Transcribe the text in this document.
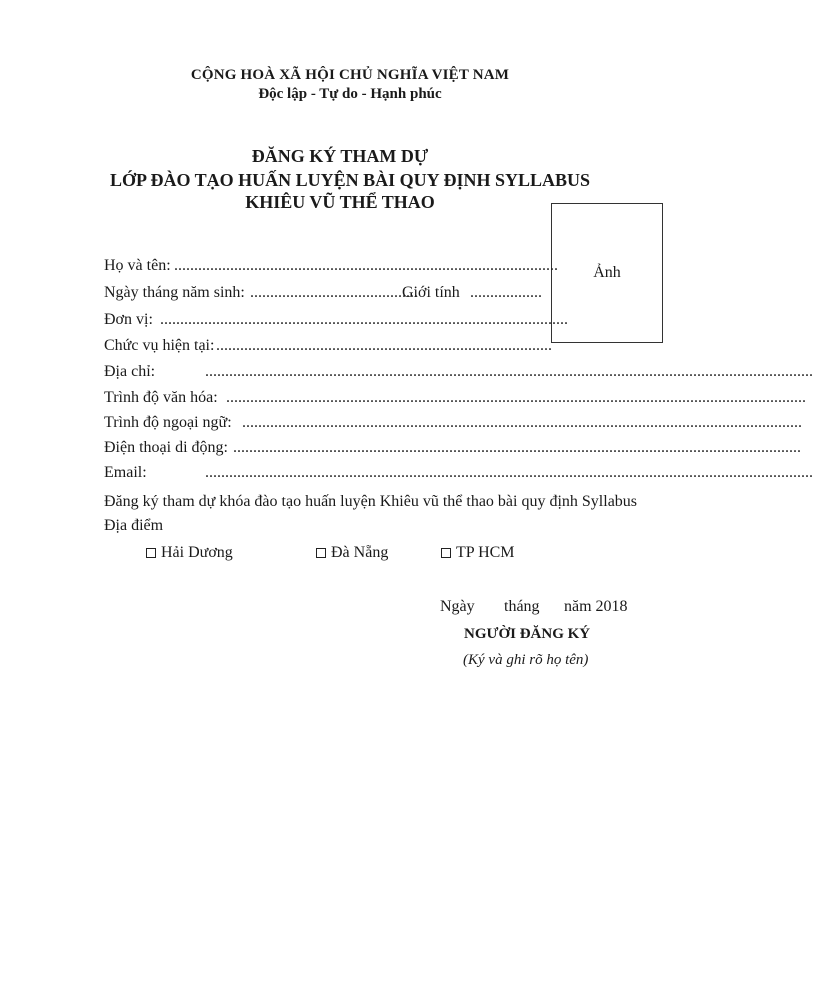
CỘNG HOÀ XÃ HỘI CHỦ NGHĨA VIỆT NAM
Độc lập - Tự do - Hạnh phúc
ĐĂNG KÝ THAM DỰ
LỚP ĐÀO TẠO HUẤN LUYỆN BÀI QUY ĐỊNH SYLLABUS
KHIÊU VŨ THỂ THAO
Ảnh
Họ và tên: ................................................................................................
Ngày tháng năm sinh: ..........................................
Giới tính ..................
Đơn vị: ......................................................................................................
Chức vụ hiện tại: ....................................................................................
Địa chỉ:	........................................................................................................................................................
Trình độ văn hóa: .................................................................................................................................................
Trình độ ngoại ngữ: ............................................................................................................................................
Điện thoại di động: ..............................................................................................................................................
Email:	........................................................................................................................................................
Đăng ký tham dự khóa đào tạo huấn luyện Khiêu vũ thể thao bài quy định Syllabus
Địa điểm
Hải Dương	Đà Nẵng	TP HCM
Ngày tháng năm 2018
NGƯỜI ĐĂNG KÝ
(Ký và ghi rõ họ tên)
